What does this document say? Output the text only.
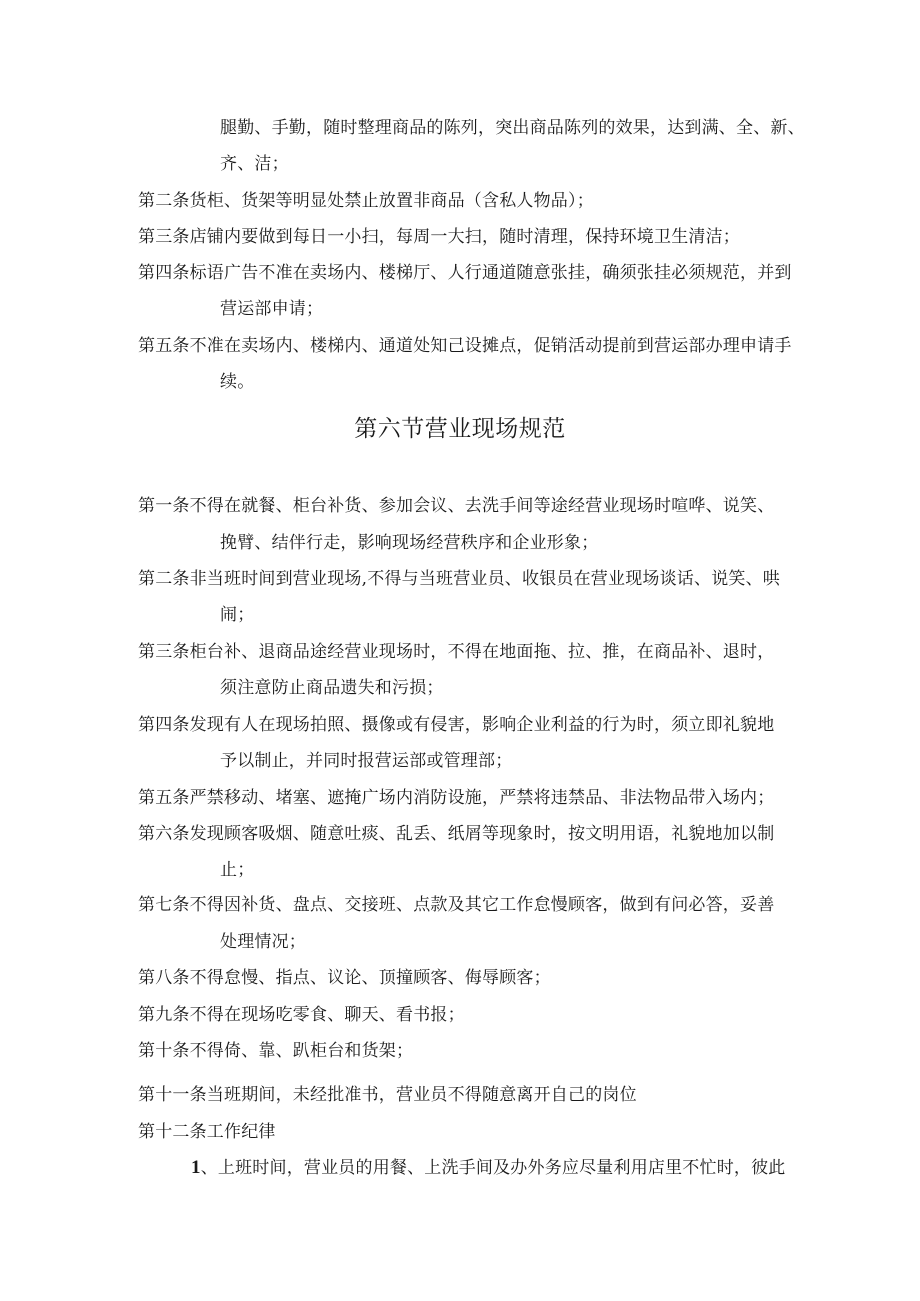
腿勤、手勤，随时整理商品的陈列，突出商品陈列的效果，达到满、全、新、
齐、洁；
第二条货柜、货架等明显处禁止放置非商品（含私人物品）；
第三条店铺内要做到每日一小扫，每周一大扫，随时清理，保持环境卫生清洁；
第四条标语广告不准在卖场内、楼梯厅、人行通道随意张挂，确须张挂必须规范，并到
营运部申请；
第五条不准在卖场内、楼梯内、通道处知己设摊点，促销活动提前到营运部办理申请手
续。
第六节营业现场规范
第一条不得在就餐、柜台补货、参加会议、去洗手间等途经营业现场时喧哗、说笑、
挽臂、结伴行走，影响现场经营秩序和企业形象；
第二条非当班时间到营业现场,不得与当班营业员、收银员在营业现场谈话、说笑、哄
闹；
第三条柜台补、退商品途经营业现场时，不得在地面拖、拉、推，在商品补、退时，
须注意防止商品遗失和污损；
第四条发现有人在现场拍照、摄像或有侵害，影响企业利益的行为时，须立即礼貌地
予以制止，并同时报营运部或管理部；
第五条严禁移动、堵塞、遮掩广场内消防设施，严禁将违禁品、非法物品带入场内；
第六条发现顾客吸烟、随意吐痰、乱丢、纸屑等现象时，按文明用语，礼貌地加以制
止；
第七条不得因补货、盘点、交接班、点款及其它工作怠慢顾客，做到有问必答，妥善
处理情况；
第八条不得怠慢、指点、议论、顶撞顾客、侮辱顾客；
第九条不得在现场吃零食、聊天、看书报；
第十条不得倚、靠、趴柜台和货架；
第十一条当班期间，未经批准书，营业员不得随意离开自己的岗位
第十二条工作纪律
1、上班时间，营业员的用餐、上洗手间及办外务应尽量利用店里不忙时，彼此
